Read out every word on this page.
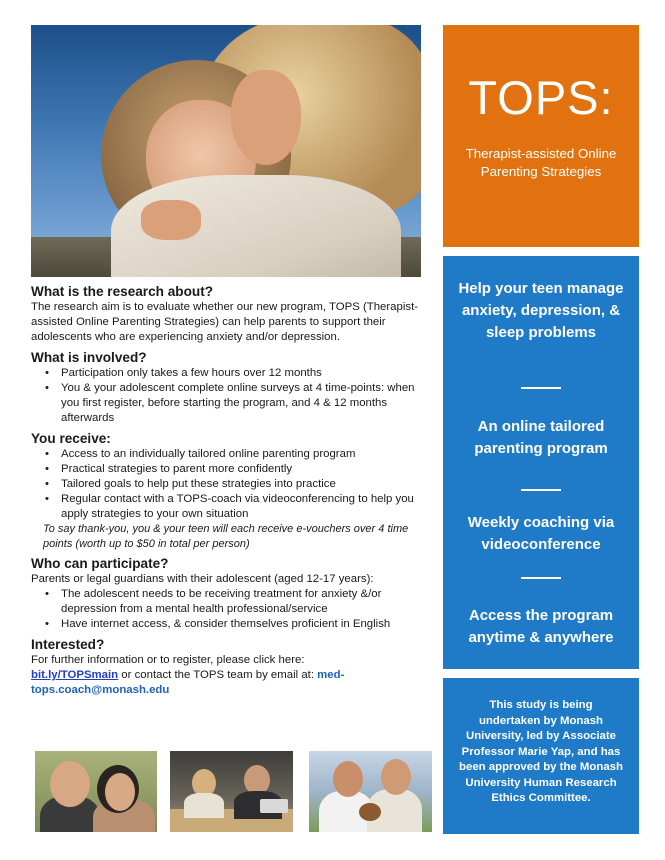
What is the research about?

The research aim is to evaluate whether our new program, TOPS (Therapist-assisted Online Parenting Strategies) can help parents to support their adolescents who are experiencing anxiety and/or depression.

What is involved?
• Participation only takes a few hours over 12 months
• You & your adolescent complete online surveys at 4 time-points: when you first register, before starting the program, and 4 & 12 months afterwards
You receive:
• Access to an individually tailored online parenting program
• Practical strategies to parent more confidently
• Tailored goals to help put these strategies into practice
• Regular contact with a TOPS-coach via videoconferencing to help you apply strategies to your own situation

To say thank-you, you & your teen will each receive e-vouchers over 4 time points (worth up to $50 in total per person)

Who can participate?

Parents or legal guardians with their adolescent (aged 12-17 years):

• The adolescent needs to be receiving treatment for anxiety &/or depression from a mental health professional/service
• Have internet access, & consider themselves proficient in English
Interested?

For further information or to register, please click here:

bit.ly/TOPSmain or contact the TOPS team by email at: med-tops.coach@monash.edu

TOPS:
Therapist-assisted Online Parenting Strategies
Help your teen manage anxiety, depression, & sleep problems
An online tailored parenting program
Weekly coaching via videoconference
Access the program anytime & anywhere

This study is being undertaken by Monash University, led by Associate Professor Marie Yap, and has been approved by the Monash University Human Research Ethics Committee.
